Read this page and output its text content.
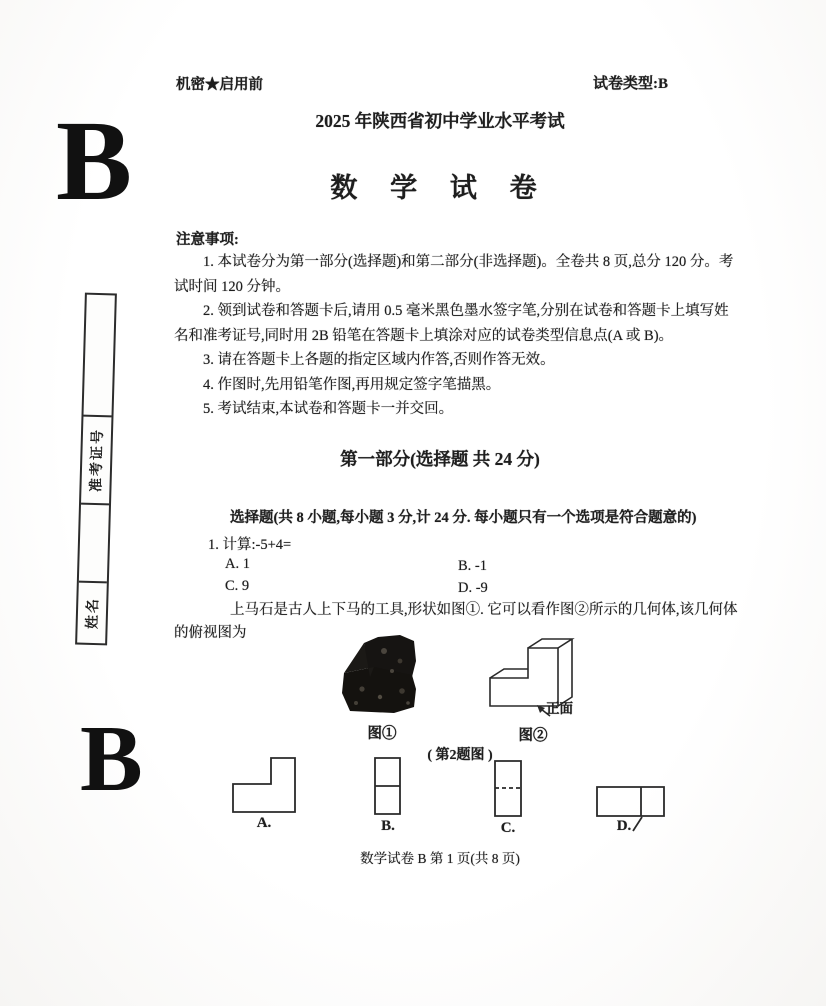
机密★启用前	试卷类型:B
2025 年陕西省初中学业水平考试
数 学 试 卷
B
B
准考证号
姓名
注意事项:

1. 本试卷分为第一部分(选择题)和第二部分(非选择题)。全卷共 8 页,总分 120 分。考试时间 120 分钟。

2. 领到试卷和答题卡后,请用 0.5 毫米黑色墨水签字笔,分别在试卷和答题卡上填写姓名和准考证号,同时用 2B 铅笔在答题卡上填涂对应的试卷类型信息点(A 或 B)。

3. 请在答题卡上各题的指定区域内作答,否则作答无效。

4. 作图时,先用铅笔作图,再用规定签字笔描黑。

5. 考试结束,本试卷和答题卡一并交回。

第一部分(选择题 共 24 分)
选择题(共 8 小题,每小题 3 分,计 24 分. 每小题只有一个选项是符合题意的)
1. 计算:-5+4=
A. 1	B. -1
C. 9	D. -9
上马石是古人上下马的工具,形状如图①. 它可以看作图②所示的几何体,该几何体的俯视图为
正面
图①	图②
( 第2题图 )
A.	B.	C.	D.
数学试卷 B 第 1 页(共 8 页)
